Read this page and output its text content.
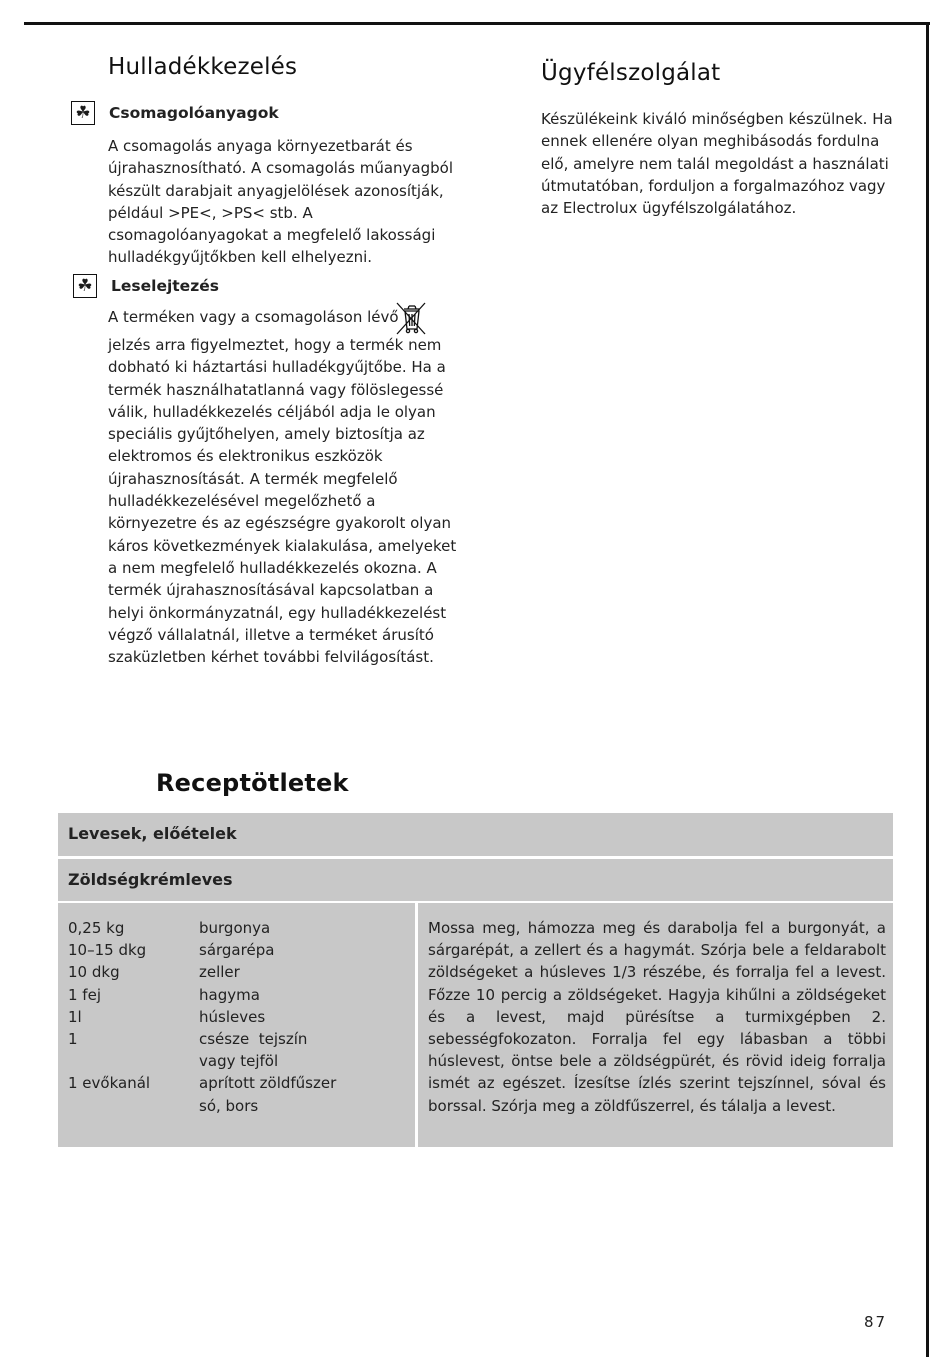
Hulladékkezelés
☘ Csomagolóanyagok

A csomagolás anyaga környezetbarát és újrahasznosítható. A csomagolás műanyagból készült darabjait anyagjelölések azonosítják, például >PE<, >PS< stb. A csomagolóanyagokat a megfelelő lakossági hulladékgyűjtőkben kell elhelyezni.

☘ Leselejtezés

A terméken vagy a csomagoláson lévő

jelzés arra figyelmeztet, hogy a termék nem dobható ki háztartási hulladékgyűjtőbe. Ha a termék használhatatlanná vagy fölöslegessé válik, hulladékkezelés céljából adja le olyan speciális gyűjtőhelyen, amely biztosítja az elektromos és elektronikus eszközök újrahasznosítását. A termék megfelelő hulladékkezelésével megelőzhető a környezetre és az egészségre gyakorolt olyan káros következmények kialakulása, amelyeket a nem megfelelő hulladékkezelés okozna. A termék újrahasznosításával kapcsolatban a helyi önkormányzatnál, egy hulladékkezelést végző vállalatnál, illetve a terméket árusító szaküzletben kérhet további felvilágosítást.

Ügyfélszolgálat

Készülékeink kiváló minőségben készülnek. Ha ennek ellenére olyan meghibásodás fordulna elő, amelyre nem talál megoldást a használati útmutatóban, forduljon a forgalmazóhoz vagy az Electrolux ügyfélszolgálatához.

Receptötletek
Levesek, előételek
Zöldségkrémleves
0,25 kg	burgonya
10–15 dkg	sárgarépa
10 dkg	zeller
1 fej	hagyma
1l	húsleves
1	csésze  tejszín
vagy tejföl
1 evőkanál	aprított zöldfűszer
só, bors

Mossa meg, hámozza meg és darabolja fel a burgonyát, a sárgarépát, a zellert és a hagymát. Szórja bele a feldarabolt zöldségeket a húsleves 1/3 részébe, és forralja fel a levest. Főzze 10 percig a zöldségeket. Hagyja kihűlni a zöldségeket és a levest, majd pürésítse a turmixgépben 2. sebességfokozaton. Forralja fel egy lábasban a többi húslevest, öntse bele a zöldségpürét, és rövid ideig forralja ismét az egészet. Ízesítse ízlés szerint tejszínnel, sóval és borssal. Szórja meg a zöldfűszerrel, és tálalja a levest.

87
